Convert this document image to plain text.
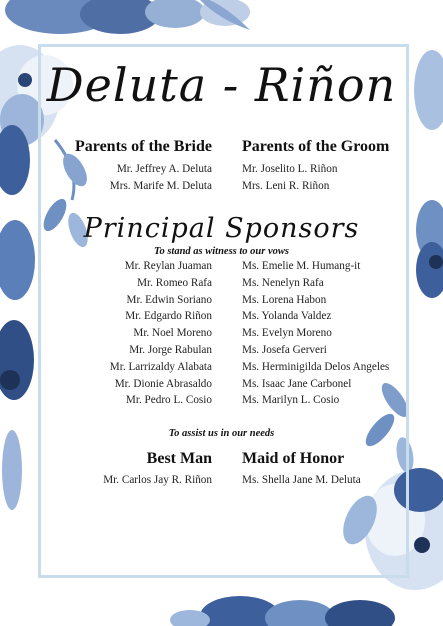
Deluta - Riñon
Parents of the Bride
Mr. Jeffrey A. Deluta
Mrs. Marife M. Deluta
Parents of the Groom
Mr. Joselito L. Riñon
Mrs. Leni R. Riñon
Principal Sponsors
To stand as witness to our vows
Mr. Reylan Juaman
Mr. Romeo Rafa
Mr. Edwin Soriano
Mr. Edgardo Riñon
Mr. Noel Moreno
Mr. Jorge Rabulan
Mr. Larrizaldy Alabata
Mr. Dionie Abrasaldo
Mr. Pedro L. Cosio
Ms. Emelie M. Humang-it
Ms. Nenelyn Rafa
Ms. Lorena Habon
Ms. Yolanda Valdez
Ms. Evelyn Moreno
Ms. Josefa Gerveri
Ms. Herminigilda Delos Angeles
Ms. Isaac Jane Carbonel
Ms. Marilyn L. Cosio
To assist us in our needs
Best Man
Mr. Carlos Jay R. Riñon
Maid of Honor
Ms. Shella Jane M. Deluta
